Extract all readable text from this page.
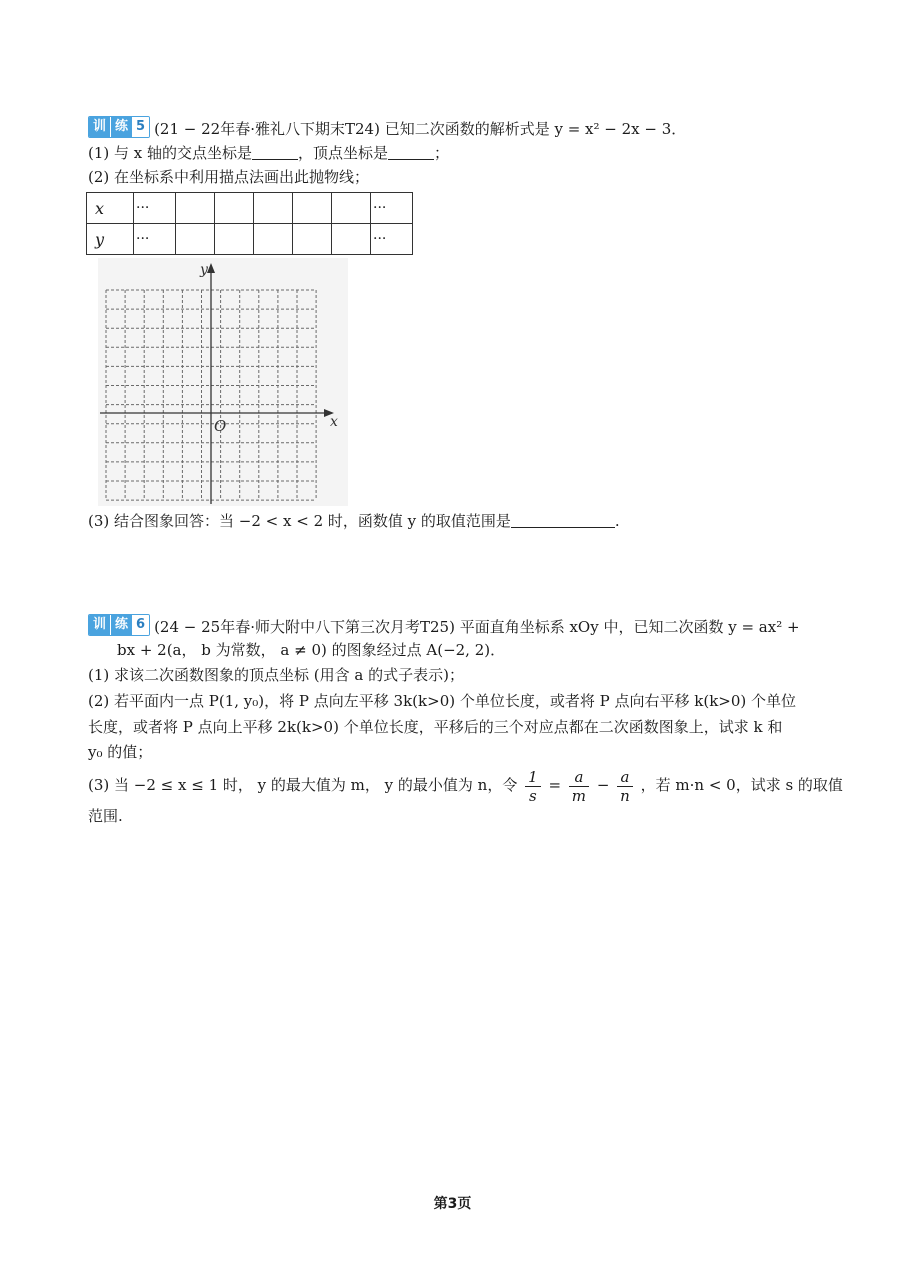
训 练 5 (21 − 22年春·雅礼八下期末T24) 已知二次函数的解析式是 y = x² − 2x − 3．
(1) 与 x 轴的交点坐标是	，顶点坐标是	；
(2) 在坐标系中利用描点法画出此抛物线；
x	···						···
y	···						···
x
y
O
(3) 结合图象回答：当 −2 < x < 2 时，函数值 y 的取值范围是	.
训 练 6 (24 − 25年春·师大附中八下第三次月考T25) 平面直角坐标系 xOy 中，已知二次函数 y = ax² +
bx + 2(a， b 为常数， a ≠ 0) 的图象经过点 A(−2, 2)．
(1) 求该二次函数图象的顶点坐标 (用含 a 的式子表示)；
(2) 若平面内一点 P(1, y₀)，将 P 点向左平移 3k(k>0) 个单位长度，或者将 P 点向右平移 k(k>0) 个单位
长度，或者将 P 点向上平移 2k(k>0) 个单位长度，平移后的三个对应点都在二次函数图象上，试求 k 和
y₀ 的值；
(3) 当 −2 ≤ x ≤ 1 时， y 的最大值为 m， y 的最小值为 n，令 $\frac{1}{s} = \frac{a}{m} - \frac{a}{n}$ ，若 m·n < 0，试求 s 的取值
范围.
第3页
